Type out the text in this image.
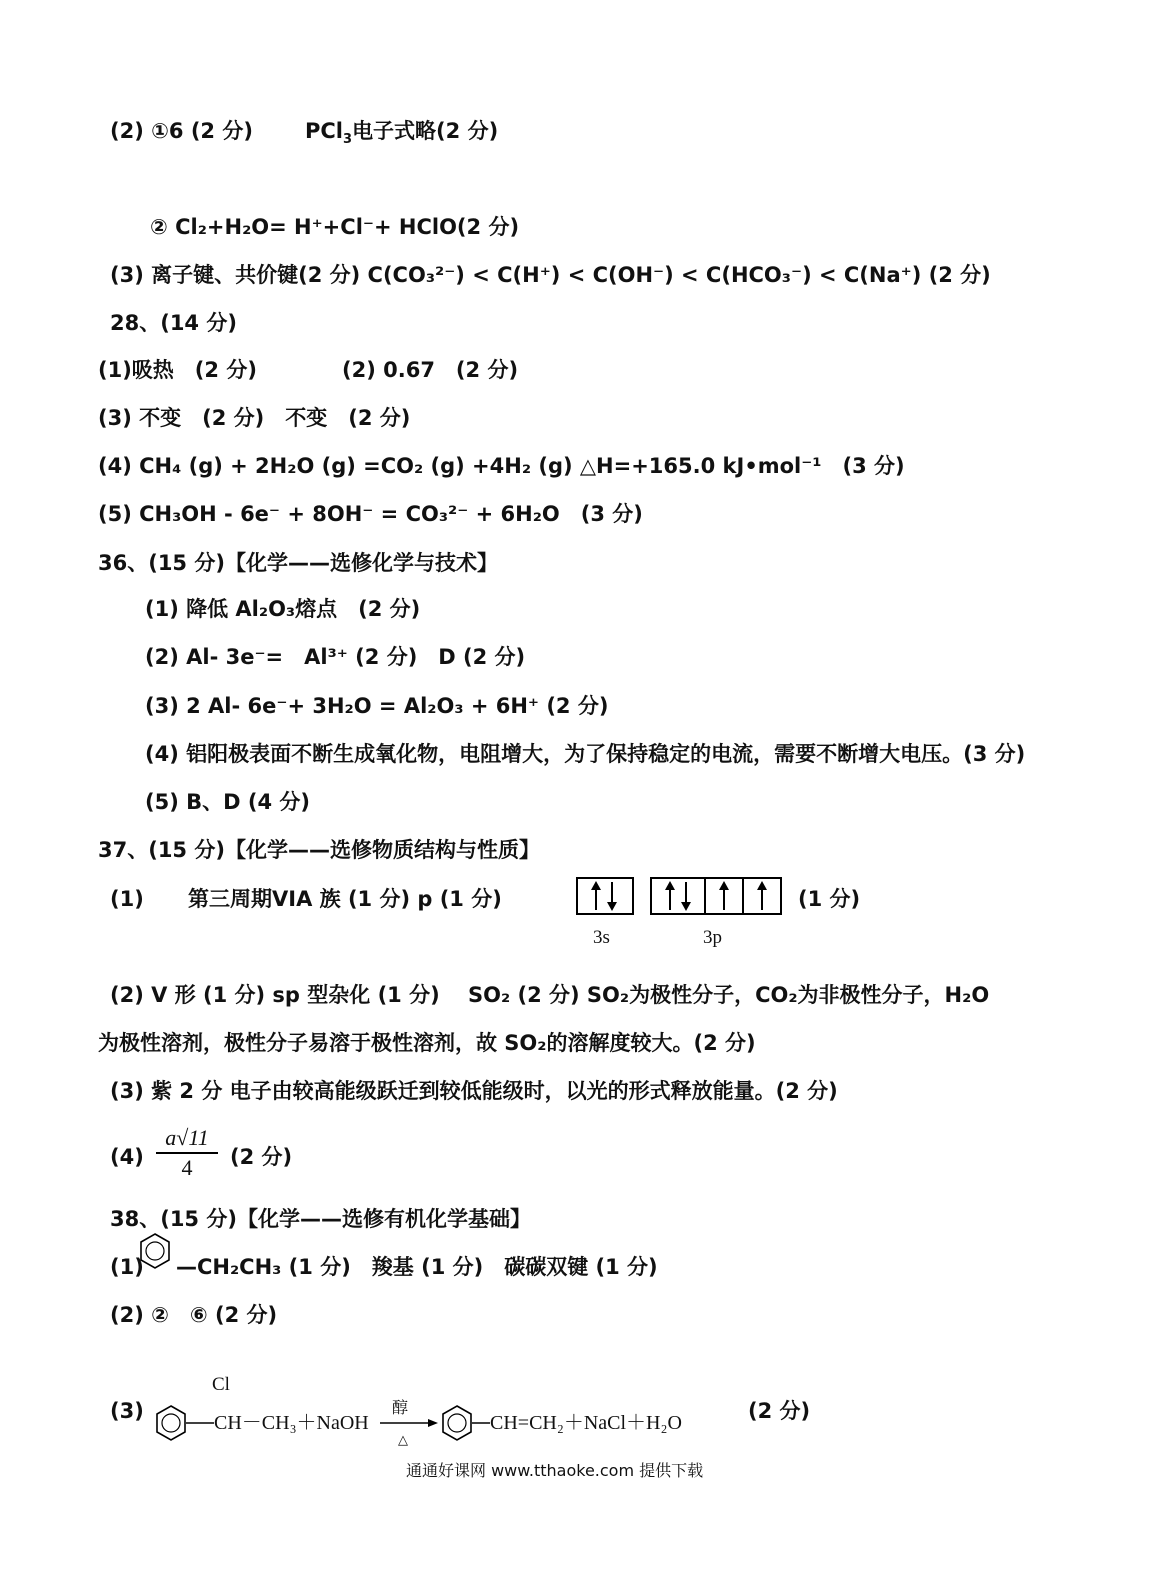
(2) ①6 (2 分) PCl$_3$电子式略(2 分)
② Cl₂+H₂O= H⁺+Cl⁻+ HClO(2 分)
(3) 离子键、共价键(2 分) C(CO₃²⁻) < C(H⁺) < C(OH⁻) < C(HCO₃⁻) < C(Na⁺) (2 分)
28、(14 分)
(1)吸热　(2 分)	(2) 0.67　(2 分)
(3) 不变　(2 分)　不变　(2 分)
(4) CH₄ (g) + 2H₂O (g) =CO₂ (g) +4H₂ (g) △H=+165.0 kJ•mol⁻¹　(3 分)
(5) CH₃OH - 6e⁻ + 8OH⁻ = CO₃²⁻ + 6H₂O　(3 分)
36、(15 分)【化学——选修化学与技术】
(1) 降低 Al₂O₃熔点　(2 分)
(2) Al- 3e⁻=　Al³⁺ (2 分)　D (2 分)
(3) 2 Al- 6e⁻+ 3H₂O = Al₂O₃ + 6H⁺ (2 分)
(4) 铝阳极表面不断生成氧化物，电阻增大，为了保持稳定的电流，需要不断增大电压。(3 分)
(5) B、D (4 分)
37、(15 分)【化学——选修物质结构与性质】
(1) 第三周期VIA 族 (1 分) p (1 分)
3s	3p
(1 分)
(2) V 形 (1 分) sp 型杂化 (1 分)　 SO₂ (2 分) SO₂为极性分子，CO₂为非极性分子，H₂O
为极性溶剂，极性分子易溶于极性溶剂，故 SO₂的溶解度较大。(2 分)
(3) 紫 2 分 电子由较高能级跃迁到较低能级时，以光的形式释放能量。(2 分)
$(4) \frac{a√11}{4} (2$ 分)
38、(15 分)【化学——选修有机化学基础】
(1) —CH₂CH₃ (1 分)　羧基 (1 分)　碳碳双键 (1 分)
(2) ②　⑥ (2 分)
(3)
Cl
CH－CH₃＋NaOH
醇
△
CH=CH₂＋NaCl＋H₂O	(2 分)
通通好课网 www.tthaoke.com 提供下载
